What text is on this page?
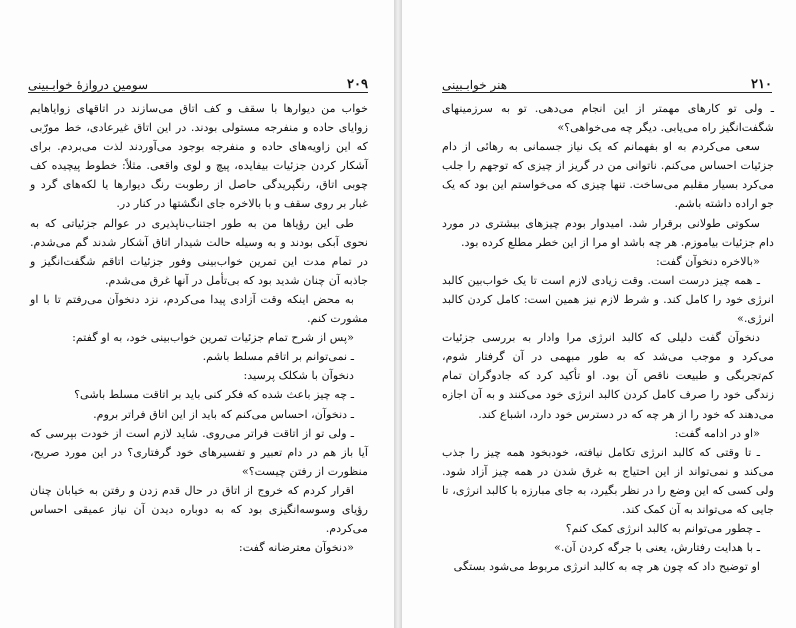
۲۰۹
سومین دروازهٔ خوابـبینی

خواب من دیوارها با سقف و کف اتاق می‌سازند در اتاقهای زوایاهایم زوایای حاده و منفرجه مستولی بودند. در این اتاق غیرعادی، خط مورّبی که این زاویه‌های حاده و منفرجه بوجود می‌آوردند لذت می‌بردم. برای آشکار کردن جزئیات بیفایده، پیچ و لوی واقعی. مثلاً: خطوط پیچیده کف چوبی اتاق، رنگپریدگی حاصل از رطوبت رنگ دیوارها یا لکه‌های گرد و غبار بر روی سقف و با بالاخره جای انگشتها در کنار در.

طی این رؤیاها من به طور اجتناب‌ناپذیری در عوالم جزئیاتی که به نحوی آبکی بودند و به وسیله حالت شیدار اتاق آشکار شدند گم می‌شدم. در تمام مدت این تمرین خواب‌بینی وفور جزئیات اتاقم شگفت‌انگیز و جاذبه آن چنان شدید بود که بی‌تأمل در آنها غرق می‌شدم.

به محض اینکه وقت آزادی پیدا می‌کردم، نزد دنخوآن می‌رفتم تا با او مشورت کنم.

«پس از شرح تمام جزئیات تمرین خواب‌بینی خود، به او گفتم:

ـ نمی‌توانم بر اتاقم مسلط باشم.

دنخوآن با شکلک پرسید:

ـ چه چیز باعث شده که فکر کنی باید بر اتاقت مسلط باشی؟

ـ دنخوآن، احساس می‌کنم که باید از این اتاق فراتر بروم.

ـ ولی تو از اتاقت فراتر می‌روی. شاید لازم است از خودت بپرسی که آیا باز هم در دام تعبیر و تفسیرهای خود گرفتاری؟ در این مورد صریح، منظورت از رفتن چیست؟»

اقرار کردم که خروج از اتاق در حال قدم زدن و رفتن به خیابان چنان رؤیای وسوسه‌انگیزی بود که به دوباره دیدن آن نیاز عمیقی احساس می‌کردم.

«دنخوآن معترضانه گفت:

۲۱۰
هنر خوابـبینی

ـ ولی تو کارهای مهمتر از این انجام می‌دهی. تو به سرزمینهای شگفت‌انگیز راه می‌یابی. دیگر چه می‌خواهی؟»

سعی می‌کردم به او بفهمانم که یک نیاز جسمانی به رهائی از دام جزئیات احساس می‌کنم. ناتوانی من در گریز از چیزی که توجهم را جلب می‌کرد بسیار مقلبم می‌ساخت. تنها چیزی که می‌خواستم این بود که یک جو اراده داشته باشم.

سکوتی طولانی برقرار شد. امیدوار بودم چیزهای بیشتری در مورد دام جزئیات بیاموزم. هر چه باشد او مرا از این خطر مطلع کرده بود.

«بالاخره دنخوآن گفت:

ـ همه چیز درست است. وقت زیادی لازم است تا یک خواب‌بین کالبد انرژی خود را کامل کند. و شرط لازم نیز همین است: کامل کردن کالبد انرژی.»

دنخوآن گفت دلیلی که کالبد انرژی مرا وادار به بررسی جزئیات می‌کرد و موجب می‌شد که به طور مبهمی در آن گرفتار شوم، کم‌تجربگی و طبیعت ناقص آن بود. او تأکید کرد که جادوگران تمام زندگی خود را صرف کامل کردن کالبد انرژی خود می‌کنند و به آن اجازه می‌دهند که خود را از هر چه که در دسترس خود دارد، اشباع کند.

«او در ادامه گفت:

ـ تا وقتی که کالبد انرژی تکامل نیافته، خودبخود همه چیز را جذب می‌کند و نمی‌تواند از این احتیاج به غرق شدن در همه چیز آزاد شود. ولی کسی که این وضع را در نظر بگیرد، به جای مبارزه با کالبد انرژی، تا جایی که می‌تواند به آن کمک کند.

ـ چطور می‌توانم به کالبد انرژی کمک کنم؟

ـ با هدایت رفتارش، یعنی با جرگه کردن آن.»

او توضیح داد که چون هر چه به کالبد انرژی مربوط می‌شود بستگی
